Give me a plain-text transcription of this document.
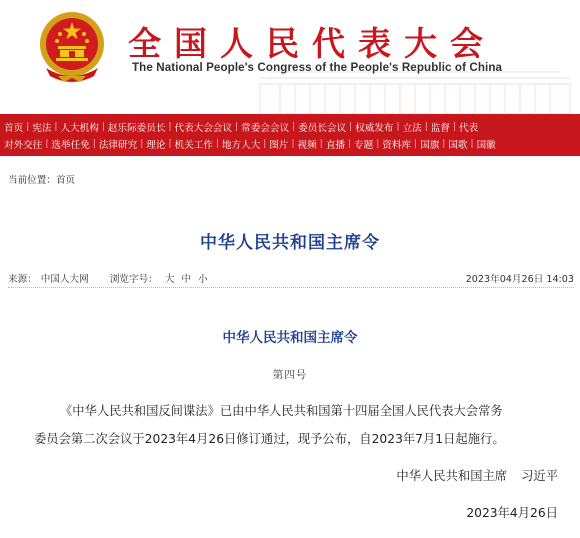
全国人民代表大会
The National People's Congress of the People's Republic of China
首页 | 宪法 | 人大机构 | 赵乐际委员长 | 代表大会会议 | 常委会会议 | 委员长会议 | 权威发布 | 立法 | 监督 | 代表
对外交往 | 选举任免 | 法律研究 | 理论 | 机关工作 | 地方人大 | 图片 | 视频 | 直播 | 专题 | 资料库 | 国旗 | 国歌 | 国徽
当前位置：首页
中华人民共和国主席令
来源： 中国人大网 浏览字号： 大 中 小	2023年04月26日 14:03
中华人民共和国主席令
第四号
《中华人民共和国反间谍法》已由中华人民共和国第十四届全国人民代表大会常务
委员会第二次会议于2023年4月26日修订通过，现予公布，自2023年7月1日起施行。
中华人民共和国主席 习近平
2023年4月26日
